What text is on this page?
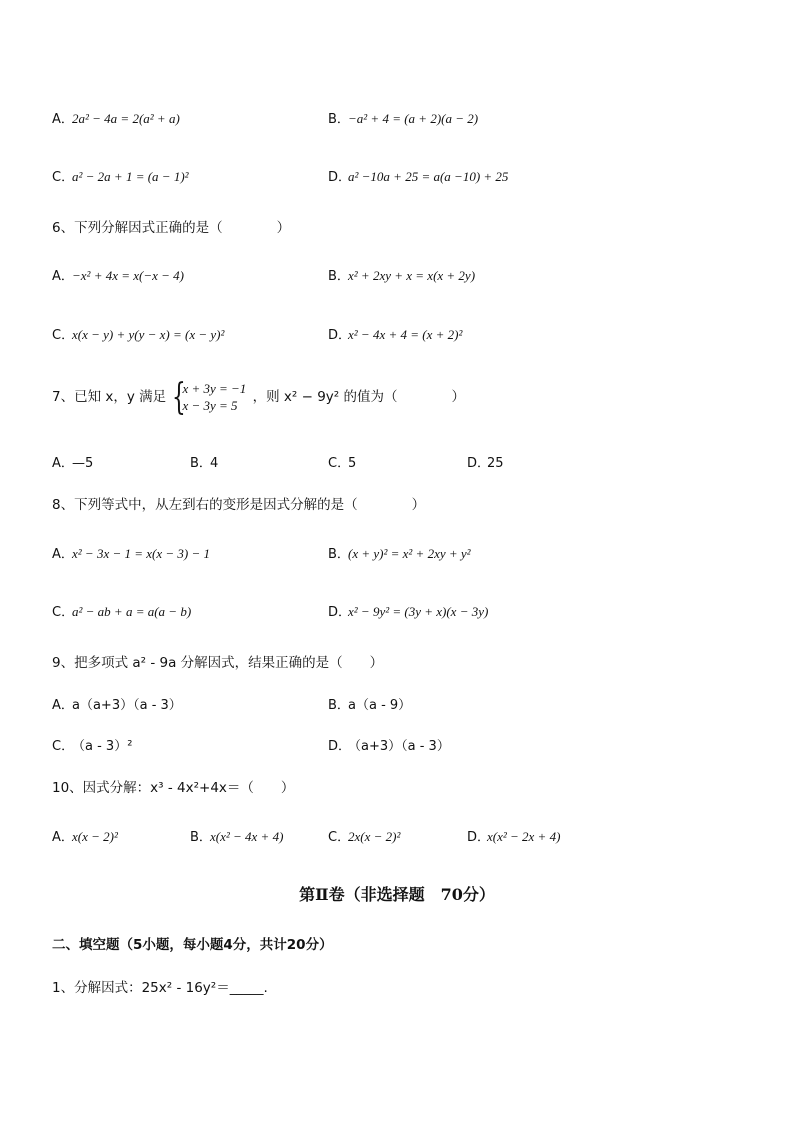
A．2a² − 4a = 2(a² + a)	B．−a² + 4 = (a + 2)(a − 2)
C．a² − 2a + 1 = (a − 1)²	D．a² −10a + 25 = a(a −10) + 25
6、下列分解因式正确的是（　　　　）
A．−x² + 4x = x(−x − 4)	B．x² + 2xy + x = x(x + 2y)
C．x(x − y) + y(y − x) = (x − y)²	D．x² − 4x + 4 = (x + 2)²
7、已知 x，y 满足 {
x + 3y = −1
x − 3y = 5
，则 x² − 9y² 的值为（　　　　）
A．—5	B．4	C．5	D．25
8、下列等式中，从左到右的变形是因式分解的是（　　　　）
A．x² − 3x − 1 = x(x − 3) − 1	B．(x + y)² = x² + 2xy + y²
C．a² − ab + a = a(a − b)	D．x² − 9y² = (3y + x)(x − 3y)
9、把多项式 a² - 9a 分解因式，结果正确的是（　　）
A．a（a+3）（a - 3）	B．a（a - 9）
C．（a - 3）²	D．（a+3）（a - 3）
10、因式分解：x³ - 4x²+4x＝（　　）
A．x(x − 2)²	B．x(x² − 4x + 4)	C．2x(x − 2)²	D．x(x² − 2x + 4)
第Ⅱ卷（非选择题　70分）
二、填空题（5小题，每小题4分，共计20分）
1、分解因式：25x² - 16y²＝_____.
